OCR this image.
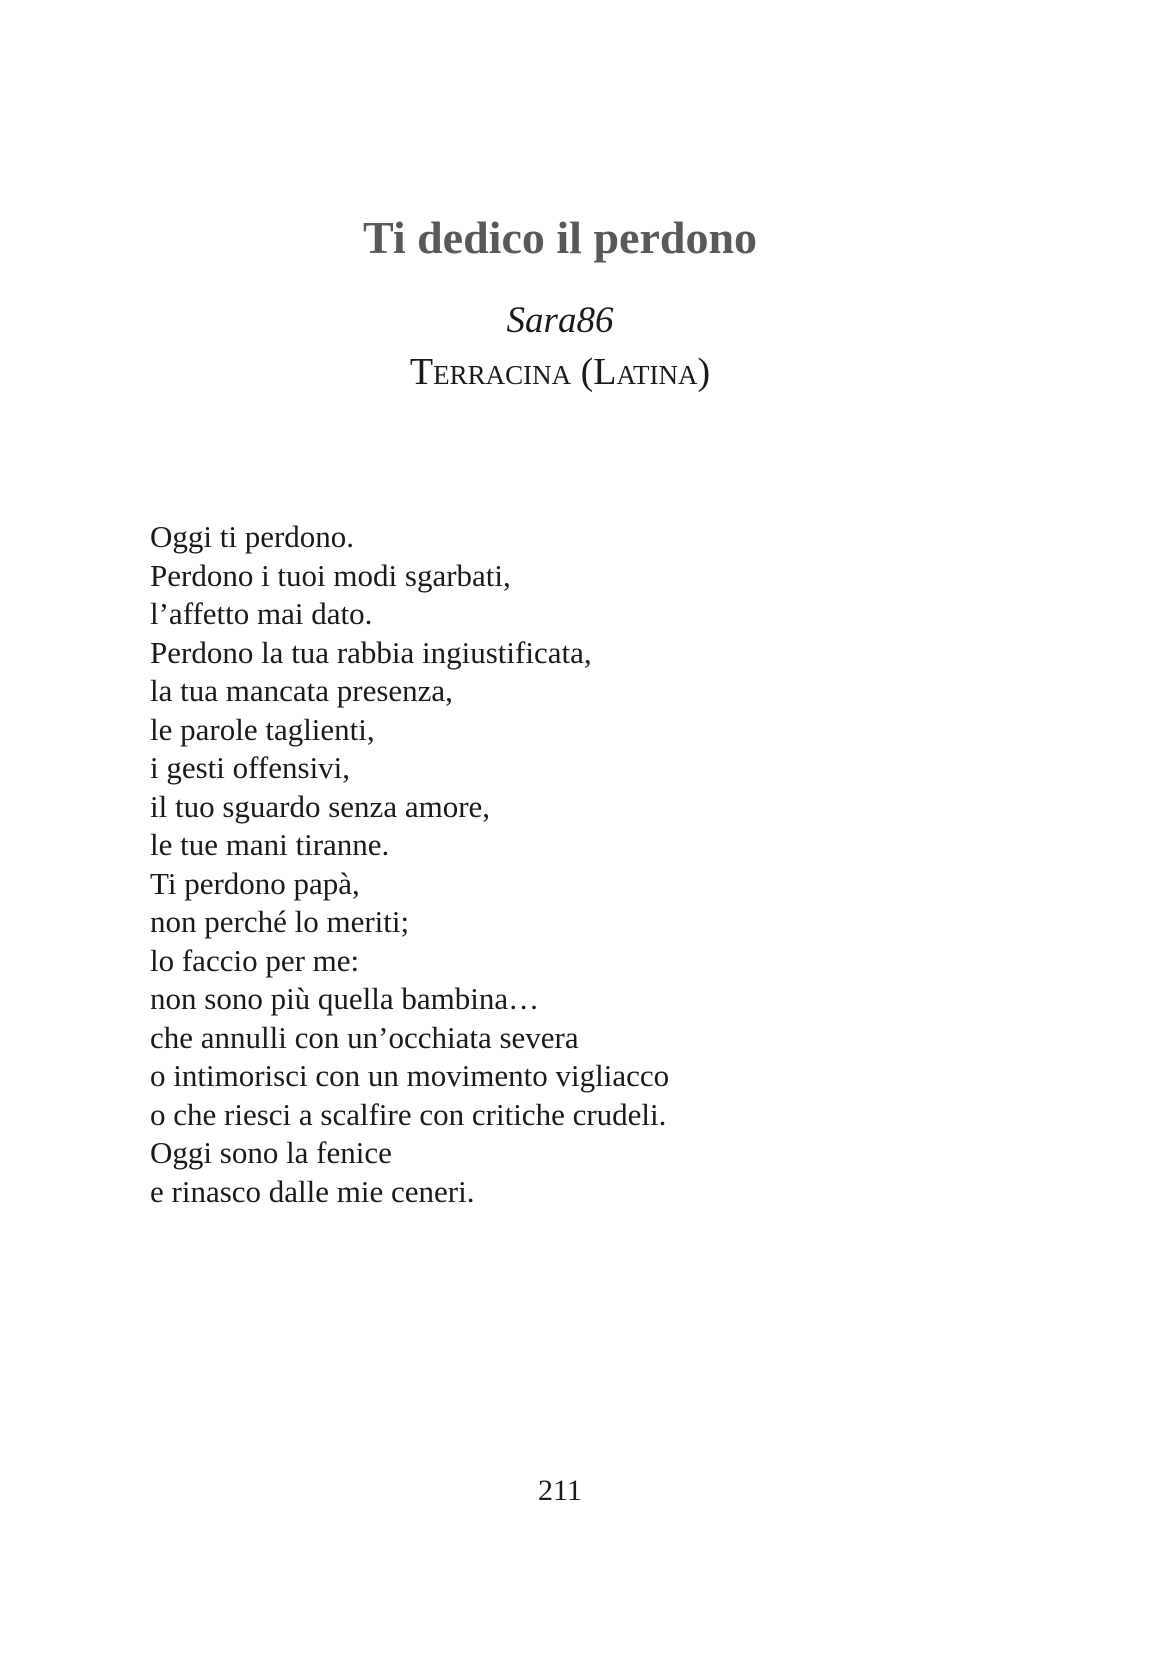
Ti dedico il perdono
Sara86
Terracina (Latina)
Oggi ti perdono.
Perdono i tuoi modi sgarbati,
l’affetto mai dato.
Perdono la tua rabbia ingiustificata,
la tua mancata presenza,
le parole taglienti,
i gesti offensivi,
il tuo sguardo senza amore,
le tue mani tiranne.
Ti perdono papà,
non perché lo meriti;
lo faccio per me:
non sono più quella bambina…
che annulli con un’occhiata severa
o intimorisci con un movimento vigliacco
o che riesci a scalfire con critiche crudeli.
Oggi sono la fenice
e rinasco dalle mie ceneri.
211
